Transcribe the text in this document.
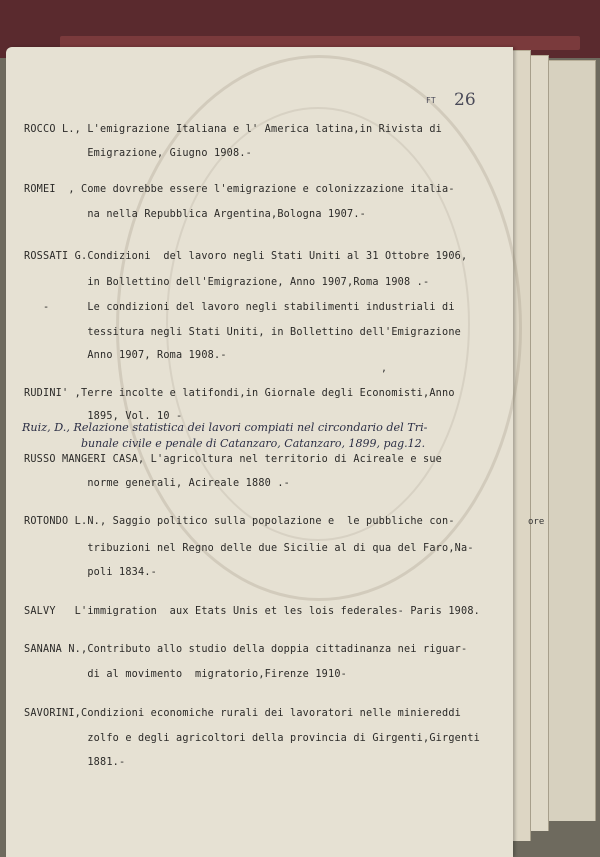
ore
FT 26
ROCCO L., L'emigrazione Italiana e l' America latina,in Rivista di
Emigrazione, Giugno 1908.-
ROMEI  , Come dovrebbe essere l'emigrazione e colonizzazione italia-
na nella Repubblica Argentina,Bologna 1907.-
ROSSATI G.Condizioni  del lavoro negli Stati Uniti al 31 Ottobre 1906,
in Bollettino dell'Emigrazione, Anno 1907,Roma 1908 .-
-      Le condizioni del lavoro negli stabilimenti industriali di
tessitura negli Stati Uniti, in Bollettino dell'Emigrazione
Anno 1907, Roma 1908.-
RUDINI' ,Terre incolte e latifondi,in Giornale degli Economisti,Anno
1895, Vol. 10 -
RUSSO MANGERI CASA, L'agricoltura nel territorio di Acireale e sue
norme generali, Acireale 1880 .-
ROTONDO L.N., Saggio politico sulla popolazione e  le pubbliche con-
tribuzioni nel Regno delle due Sicilie al di qua del Faro,Na-
poli 1834.-
SALVY   L'immigration  aux Etats Unis et les lois federales- Paris 1908.
SANANA N.,Contributo allo studio della doppia cittadinanza nei riguar-
di al movimento  migratorio,Firenze 1910-
SAVORINI,Condizioni economiche rurali dei lavoratori nelle miniereddi
zolfo e degli agricoltori della provincia di Girgenti,Girgenti
1881.-
Ruiz, D., Relazione statistica dei lavori compiati nel circondario del Tri-
bunale civile e penale di Catanzaro, Catanzaro, 1899, pag.12.
,
